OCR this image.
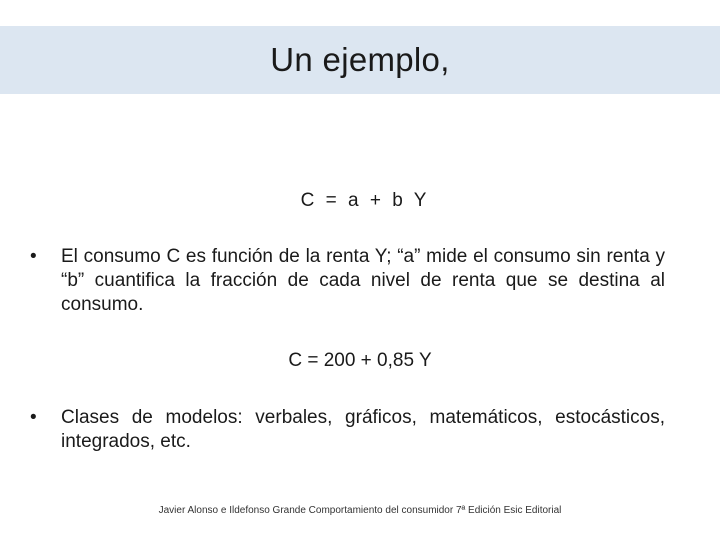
Un ejemplo,
C = a + b Y
• El consumo C es función de la renta Y; “a” mide el consumo sin renta y “b” cuantifica la fracción de cada nivel de renta que se destina al consumo.
C = 200 + 0,85 Y
• Clases de modelos: verbales, gráficos, matemáticos, estocásticos, integrados, etc.
Javier Alonso e Ildefonso Grande Comportamiento del consumidor 7ª Edición Esic Editorial
